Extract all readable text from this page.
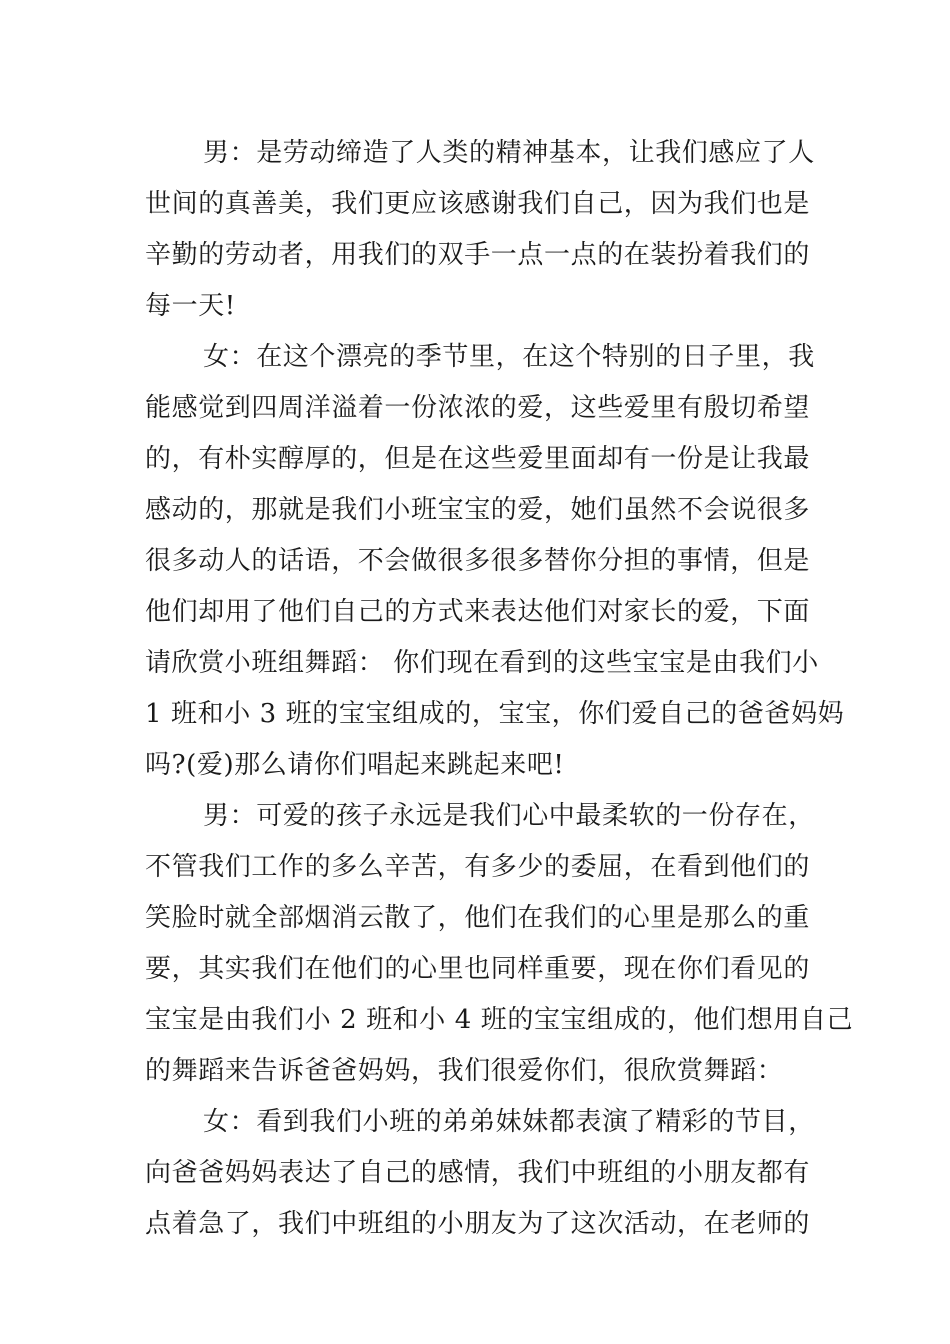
男：是劳动缔造了人类的精神基本，让我们感应了人
世间的真善美，我们更应该感谢我们自己，因为我们也是
辛勤的劳动者，用我们的双手一点一点的在装扮着我们的
每一天!
女：在这个漂亮的季节里，在这个特别的日子里，我
能感觉到四周洋溢着一份浓浓的爱，这些爱里有殷切希望
的，有朴实醇厚的，但是在这些爱里面却有一份是让我最
感动的，那就是我们小班宝宝的爱，她们虽然不会说很多
很多动人的话语，不会做很多很多替你分担的事情，但是
他们却用了他们自己的方式来表达他们对家长的爱，下面
请欣赏小班组舞蹈： 你们现在看到的这些宝宝是由我们小
1 班和小 3 班的宝宝组成的，宝宝，你们爱自己的爸爸妈妈
吗?(爱)那么请你们唱起来跳起来吧!
男：可爱的孩子永远是我们心中最柔软的一份存在，
不管我们工作的多么辛苦，有多少的委屈，在看到他们的
笑脸时就全部烟消云散了，他们在我们的心里是那么的重
要，其实我们在他们的心里也同样重要，现在你们看见的
宝宝是由我们小 2 班和小 4 班的宝宝组成的，他们想用自己
的舞蹈来告诉爸爸妈妈，我们很爱你们，很欣赏舞蹈：
女：看到我们小班的弟弟妹妹都表演了精彩的节目，
向爸爸妈妈表达了自己的感情，我们中班组的小朋友都有
点着急了，我们中班组的小朋友为了这次活动，在老师的
